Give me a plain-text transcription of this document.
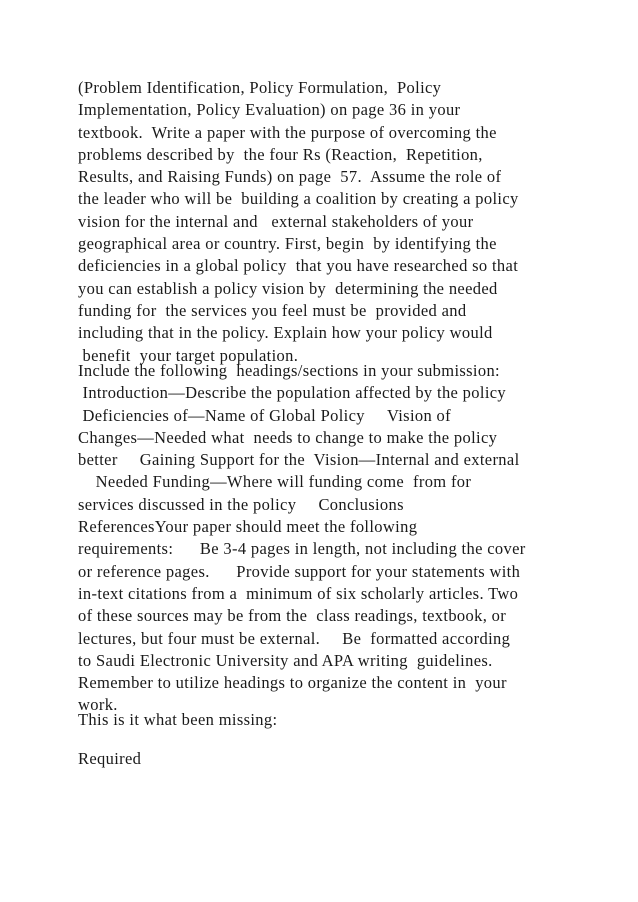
(Problem Identification, Policy Formulation,  Policy
Implementation, Policy Evaluation) on page 36 in your
textbook.  Write a paper with the purpose of overcoming the
problems described by  the four Rs (Reaction,  Repetition,
Results, and Raising Funds) on page  57.  Assume the role of
the leader who will be  building a coalition by creating a policy
vision for the internal and   external stakeholders of your
geographical area or country. First, begin  by identifying the
deficiencies in a global policy  that you have researched so that
you can establish a policy vision by  determining the needed
funding for  the services you feel must be  provided and
including that in the policy. Explain how your policy would
benefit  your target population.
Include the following  headings/sections in your submission:
Introduction—Describe the population affected by the policy
Deficiencies of—Name of Global Policy   Vision of
Changes—Needed what  needs to change to make the policy
better   Gaining Support for the  Vision—Internal and external
Needed Funding—Where will funding come  from for
services discussed in the policy   Conclusions
ReferencesYour paper should meet the following
requirements:    Be 3-4 pages in length, not including the cover
or reference pages.    Provide support for your statements with
in-text citations from a  minimum of six scholarly articles. Two
of these sources may be from the  class readings, textbook, or
lectures, but four must be external.   Be  formatted according
to Saudi Electronic University and APA writing  guidelines.
Remember to utilize headings to organize the content in  your
work.
This is it what been missing:
Required
